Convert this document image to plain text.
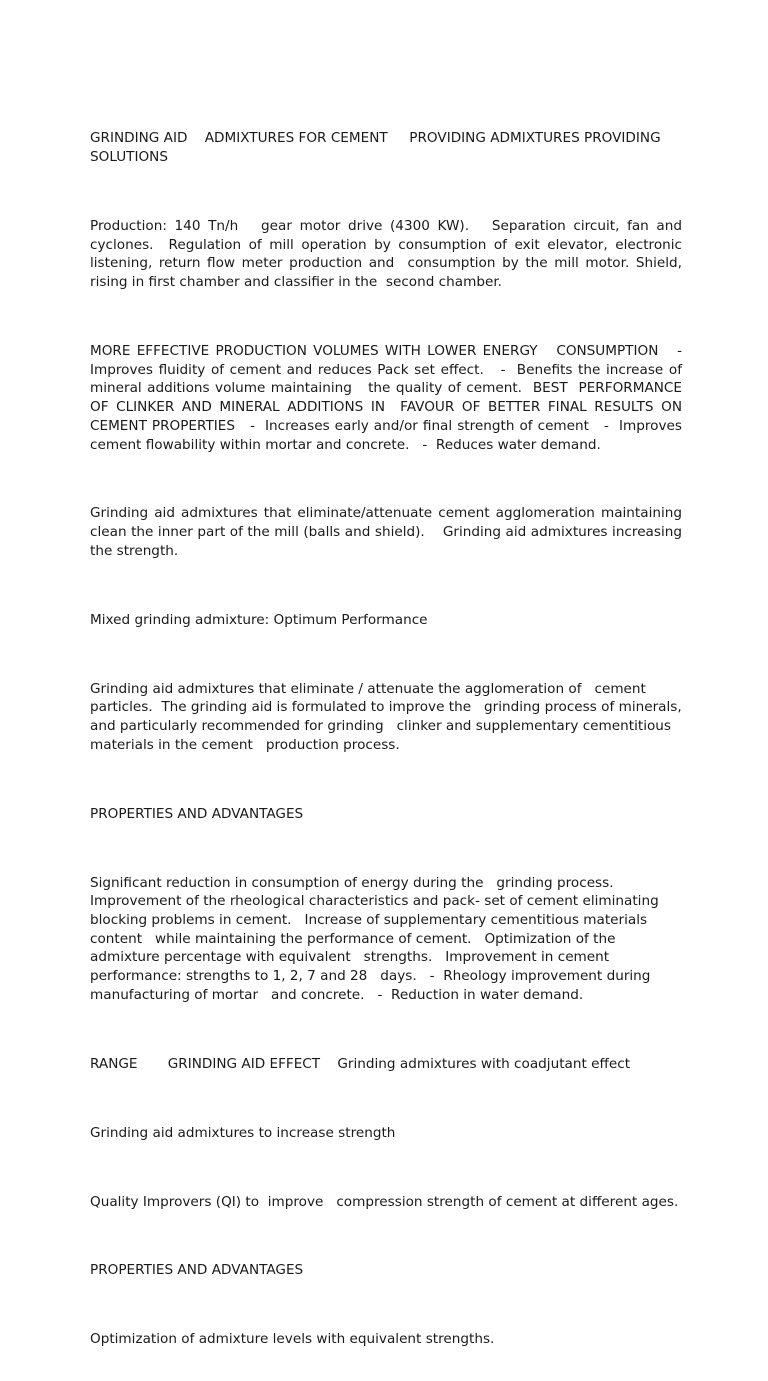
GRINDING AID    ADMIXTURES FOR CEMENT     PROVIDING ADMIXTURES PROVIDING SOLUTIONS

Production: 140 Tn/h   gear motor drive (4300 KW).   Separation circuit, fan and cyclones.  Regulation of mill operation by consumption of exit elevator, electronic listening, return flow meter production and  consumption by the mill motor. Shield, rising in first chamber and classifier in the  second chamber.

MORE EFFECTIVE PRODUCTION VOLUMES WITH LOWER ENERGY   CONSUMPTION   -   Improves fluidity of cement and reduces Pack set effect.   -  Benefits the increase of mineral additions volume maintaining   the quality of cement.  BEST  PERFORMANCE OF CLINKER AND MINERAL ADDITIONS IN  FAVOUR OF BETTER FINAL RESULTS ON CEMENT PROPERTIES   -  Increases early and/or final strength of cement   -  Improves cement flowability within mortar and concrete.   -  Reduces water demand.

Grinding aid admixtures that eliminate/attenuate cement agglomeration maintaining clean the inner part of the mill (balls and shield).    Grinding aid admixtures increasing the strength.

Mixed grinding admixture: Optimum Performance

Grinding aid admixtures that eliminate / attenuate the agglomeration of   cement particles.  The grinding aid is formulated to improve the   grinding process of minerals, and particularly recommended for grinding   clinker and supplementary cementitious materials in the cement   production process.

PROPERTIES AND ADVANTAGES

Significant reduction in consumption of energy during the   grinding process. Improvement of the rheological characteristics and pack- set of cement eliminating blocking problems in cement.   Increase of supplementary cementitious materials content   while maintaining the performance of cement.   Optimization of the admixture percentage with equivalent   strengths.   Improvement in cement performance: strengths to 1, 2, 7 and 28   days.   -  Rheology improvement during manufacturing of mortar   and concrete.   -  Reduction in water demand.

RANGE       GRINDING AID EFFECT    Grinding admixtures with coadjutant effect

Grinding aid admixtures to increase strength

Quality Improvers (QI) to  improve   compression strength of cement at different ages.

PROPERTIES AND ADVANTAGES

Optimization of admixture levels with equivalent strengths.
